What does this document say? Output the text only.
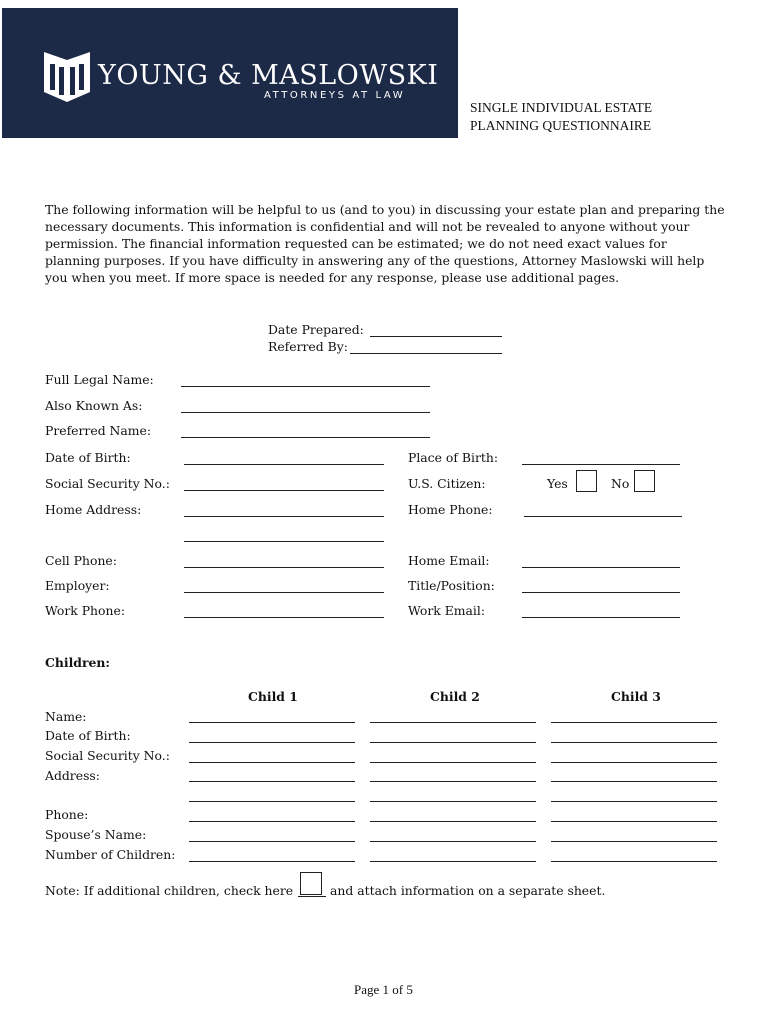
YOUNG & MASLOWSKI
ATTORNEYS AT LAW
SINGLE INDIVIDUAL ESTATE
PLANNING QUESTIONNAIRE
The following information will be helpful to us (and to you) in discussing your estate plan and preparing the necessary documents. This information is confidential and will not be revealed to anyone without your permission. The financial information requested can be estimated; we do not need exact values for planning purposes. If you have difficulty in answering any of the questions, Attorney Maslowski will help you when you meet. If more space is needed for any response, please use additional pages.
Date Prepared:
Referred By:
Full Legal Name:
Also Known As:
Preferred Name:
Date of Birth:	Place of Birth:
Social Security No.:	U.S. Citizen:	Yes	No
Home Address:	Home Phone:
Cell Phone:	Home Email:
Employer:	Title/Position:
Work Phone:	Work Email:
Children:
Child 1	Child 2	Child 3
Name:
Date of Birth:
Social Security No.:
Address:
Phone:
Spouse’s Name:
Number of Children:
Note: If additional children, check here	and attach information on a separate sheet.
Page 1 of 5
